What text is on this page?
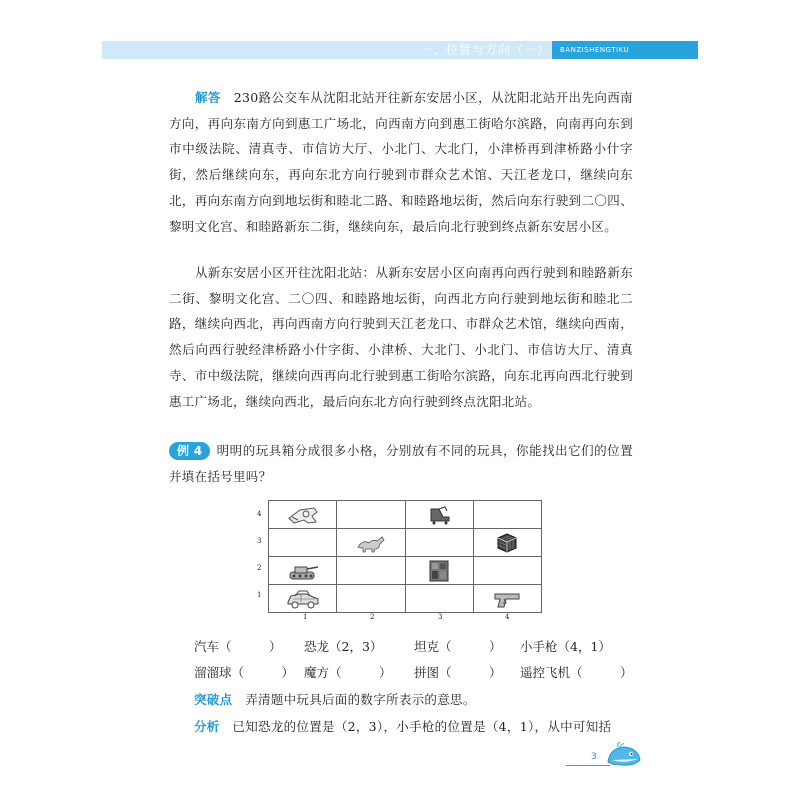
一、位置与方向（一）	BANZISHENGTIKU

解答　 230路公交车从沈阳北站开往新东安居小区，从沈阳北站开出先向西南方向，再向东南方向到惠工广场北，向西南方向到惠工街哈尔滨路，向南再向东到市中级法院、清真寺、市信访大厅、小北门、大北门，小津桥再到津桥路小什字街，然后继续向东，再向东北方向行驶到市群众艺术馆、天江老龙口，继续向东北，再向东南方向到地坛街和睦北二路、和睦路地坛街，然后向东行驶到二〇四、黎明文化宫、和睦路新东二街，继续向东，最后向北行驶到终点新东安居小区。

从新东安居小区开往沈阳北站：从新东安居小区向南再向西行驶到和睦路新东二街、黎明文化宫、二〇四、和睦路地坛街，向西北方向行驶到地坛街和睦北二路，继续向西北，再向西南方向行驶到天江老龙口、市群众艺术馆，继续向西南，然后向西行驶经津桥路小什字街、小津桥、大北门、小北门、市信访大厅、清真寺、市中级法院，继续向西再向北行驶到惠工街哈尔滨路，向东北再向西北行驶到惠工广场北，继续向西北，最后向东北方向行驶到终点沈阳北站。

例 4 明明的玩具箱分成很多小格，分别放有不同的玩具，你能找出它们的位置并填在括号里吗？

4
3
2
1

1	2	3	4
汽车（　　　） 恐龙（2，3）	坦克（　　　） 小手枪（4，1）
溜溜球（　　　） 魔方（　　　） 拼图（　　　） 遥控飞机（　　　）

突破点　 弄清题中玩具后面的数字所表示的意思。

分析　 已知恐龙的位置是（2，3），小手枪的位置是（4，1），从中可知括

3
